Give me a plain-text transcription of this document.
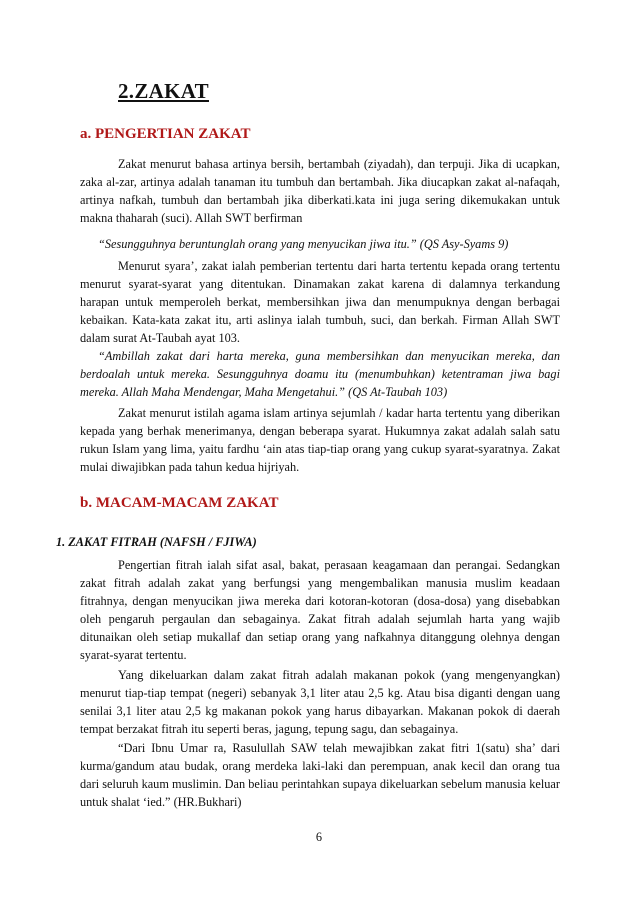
2.ZAKAT
a. PENGERTIAN ZAKAT

Zakat menurut bahasa artinya bersih, bertambah (ziyadah), dan terpuji. Jika di ucapkan, zaka al-zar, artinya adalah tanaman itu tumbuh dan bertambah. Jika diucapkan zakat al-nafaqah, artinya nafkah, tumbuh dan bertambah jika diberkati.kata ini juga sering dikemukakan untuk makna thaharah (suci). Allah SWT berfirman

“Sesungguhnya beruntunglah orang yang menyucikan jiwa itu.” (QS Asy-Syams 9)

Menurut syara’, zakat ialah pemberian tertentu dari harta tertentu kepada orang tertentu menurut syarat-syarat yang ditentukan. Dinamakan zakat karena di dalamnya terkandung harapan untuk memperoleh berkat, membersihkan jiwa dan menumpuknya dengan berbagai kebaikan. Kata-kata zakat itu, arti aslinya ialah tumbuh, suci, dan berkah. Firman Allah SWT dalam surat At-Taubah ayat 103.

“Ambillah zakat dari harta mereka, guna membersihkan dan menyucikan mereka, dan berdoalah untuk mereka. Sesungguhnya doamu itu (menumbuhkan) ketentraman jiwa bagi mereka. Allah Maha Mendengar, Maha Mengetahui.” (QS At-Taubah 103)

Zakat menurut istilah agama islam artinya sejumlah / kadar harta tertentu yang diberikan kepada yang berhak menerimanya, dengan beberapa syarat. Hukumnya zakat adalah salah satu rukun Islam yang lima, yaitu fardhu ‘ain atas tiap-tiap orang yang cukup syarat-syaratnya. Zakat mulai diwajibkan pada tahun kedua hijriyah.

b. MACAM-MACAM ZAKAT
1. ZAKAT FITRAH (NAFSH / FJIWA)

Pengertian fitrah ialah sifat asal, bakat, perasaan keagamaan dan perangai. Sedangkan zakat fitrah adalah zakat yang berfungsi yang mengembalikan manusia muslim keadaan fitrahnya, dengan menyucikan jiwa mereka dari kotoran-kotoran (dosa-dosa) yang disebabkan oleh pengaruh pergaulan dan sebagainya. Zakat fitrah adalah sejumlah harta yang wajib ditunaikan oleh setiap mukallaf dan setiap orang yang nafkahnya ditanggung olehnya dengan syarat-syarat tertentu.

Yang dikeluarkan dalam zakat fitrah adalah makanan pokok (yang mengenyangkan) menurut tiap-tiap tempat (negeri) sebanyak 3,1 liter atau 2,5 kg. Atau bisa diganti dengan uang senilai 3,1 liter atau 2,5 kg makanan pokok yang harus dibayarkan. Makanan pokok di daerah tempat berzakat fitrah itu seperti beras, jagung, tepung sagu, dan sebagainya.

“Dari Ibnu Umar ra, Rasulullah SAW telah mewajibkan zakat fitri 1(satu) sha’ dari kurma/gandum atau budak, orang merdeka laki-laki dan perempuan, anak kecil dan orang tua dari seluruh kaum muslimin. Dan beliau perintahkan supaya dikeluarkan sebelum manusia keluar untuk shalat ‘ied.” (HR.Bukhari)

6
